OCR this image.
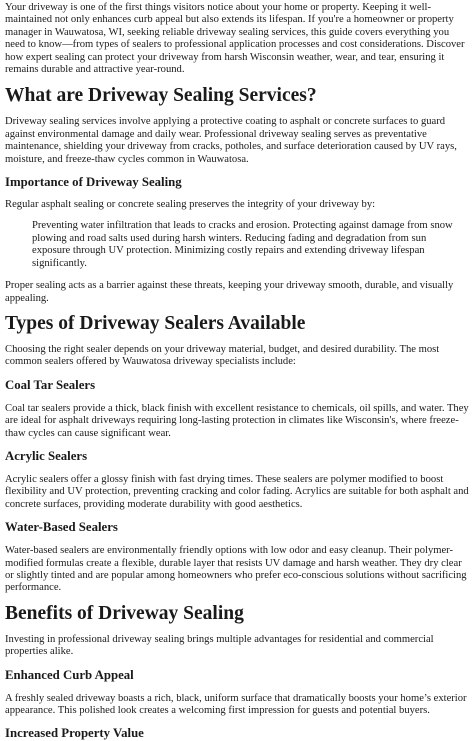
Your driveway is one of the first things visitors notice about your home or property. Keeping it well-maintained not only enhances curb appeal but also extends its lifespan. If you're a homeowner or property manager in Wauwatosa, WI, seeking reliable driveway sealing services, this guide covers everything you need to know—from types of sealers to professional application processes and cost considerations. Discover how expert sealing can protect your driveway from harsh Wisconsin weather, wear, and tear, ensuring it remains durable and attractive year-round.

What are Driveway Sealing Services?

Driveway sealing services involve applying a protective coating to asphalt or concrete surfaces to guard against environmental damage and daily wear. Professional driveway sealing serves as preventative maintenance, shielding your driveway from cracks, potholes, and surface deterioration caused by UV rays, moisture, and freeze-thaw cycles common in Wauwatosa.

Importance of Driveway Sealing

Regular asphalt sealing or concrete sealing preserves the integrity of your driveway by:

Preventing water infiltration that leads to cracks and erosion. Protecting against damage from snow plowing and road salts used during harsh winters. Reducing fading and degradation from sun exposure through UV protection. Minimizing costly repairs and extending driveway lifespan significantly.

Proper sealing acts as a barrier against these threats, keeping your driveway smooth, durable, and visually appealing.

Types of Driveway Sealers Available

Choosing the right sealer depends on your driveway material, budget, and desired durability. The most common sealers offered by Wauwatosa driveway specialists include:

Coal Tar Sealers

Coal tar sealers provide a thick, black finish with excellent resistance to chemicals, oil spills, and water. They are ideal for asphalt driveways requiring long-lasting protection in climates like Wisconsin's, where freeze-thaw cycles can cause significant wear.

Acrylic Sealers

Acrylic sealers offer a glossy finish with fast drying times. These sealers are polymer modified to boost flexibility and UV protection, preventing cracking and color fading. Acrylics are suitable for both asphalt and concrete surfaces, providing moderate durability with good aesthetics.

Water-Based Sealers

Water-based sealers are environmentally friendly options with low odor and easy cleanup. Their polymer-modified formulas create a flexible, durable layer that resists UV damage and harsh weather. They dry clear or slightly tinted and are popular among homeowners who prefer eco-conscious solutions without sacrificing performance.

Benefits of Driveway Sealing

Investing in professional driveway sealing brings multiple advantages for residential and commercial properties alike.

Enhanced Curb Appeal

A freshly sealed driveway boasts a rich, black, uniform surface that dramatically boosts your home’s exterior appearance. This polished look creates a welcoming first impression for guests and potential buyers.

Increased Property Value
